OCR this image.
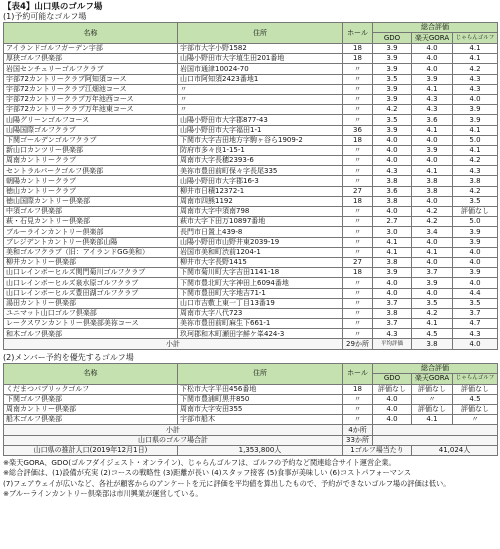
【表4】山口県のゴルフ場
(1)予約可能なゴルフ場
名称	住所	ホール	総合評価		
			GDO	楽天GORA	じゃらんゴルフ
アイランドゴルフガーデン宇部	宇部市大字小野1582	18	3.9	4.0	4.1
厚狭ゴルフ倶楽部	山陽小野田市大字埴生田201番地	18	3.9	4.0	4.1
岩国センチュリーゴルフクラブ	岩国市通津10024-70	〃	3.9	4.0	4.2
宇部72カントリークラブ阿知須コース	山口市阿知須2423番地1	〃	3.5	3.9	4.3
宇部72カントリークラブ江畑池コース	〃	〃	3.9	4.1	4.3
宇部72カントリークラブ万年池西コース	〃	〃	3.9	4.3	4.0
宇部72カントリークラブ万年池東コース	〃	〃	4.2	4.3	3.9
山陽グリーンゴルフコース	山陽小野田市大字郡877-43	〃	3.5	3.6	3.9
山陽国際ゴルフクラブ	山陽小野田市大字福田1-1	36	3.9	4.1	4.1
下関ゴールデンゴルフクラブ	下関市大字吉田地方字駒ヶ谷ら1909-2	18	4.0	4.0	5.0
新山口カンツリー倶楽部	防府市多々良1-15-1	〃	4.0	3.9	4.1
周南カントリークラブ	周南市大字長穂2393-6	〃	4.0	4.0	4.2
セントラルパークゴルフ倶楽部	美祢市豊田前町保々字長尾335	〃	4.3	4.1	4.3
朝陽カントリークラブ	山陽小野田市大字郡16-3	〃	3.8	3.8	3.8
徳山カントリークラブ	柳井市日積12372-1	27	3.6	3.8	4.2
徳山国際カントリー倶楽部	周南市四熊1192	18	3.8	4.0	3.5
中須ゴルフ倶楽部	周南市大字中須南798	〃	4.0	4.2	評価なし
萩・石見カントリー倶楽部	萩市大字下田万10897番地	〃	2.7	4.2	5.0
ブルーラインカントリー倶楽部	長門市日置上439-8	〃	3.0	3.4	3.9
ブレジデントカントリー倶楽部山陽	山陽小野田市山野井東2039-19	〃	4.1	4.0	3.9
美和ゴルフクラブ（旧：アイランドGG美和）	岩国市美和町渋前1204-1	〃	4.1	4.1	4.0
柳井カントリー倶楽部	柳井市大字長野1415	27	3.8	4.0	4.0
山口レインボーヒルズ関門菊川ゴルフクラブ	下関市菊川町大字吉田1141-18	18	3.9	3.7	3.9
山口レインボーヒルズ泉水原ゴルフクラブ	下関市豊北町大字神田上6094番地	〃	4.0	3.9	4.0
山口レインボーヒルズ豊田湖ゴルフクラブ	下関市豊田町大字地吉71-1	〃	4.0	4.0	4.4
湯田カントリー倶楽部	山口市吉敷上東一丁目13番19	〃	3.7	3.5	3.5
ユニマット山口ゴルフ倶楽部	周南市大字八代723	〃	3.8	4.2	3.7
レークスワンカントリー倶楽部美祢コース	美祢市豊田前町麻生下661-1	〃	3.7	4.1	4.7
和木ゴルフ倶楽部	玖珂郡和木町瀬田字鮮ケ峯424-3	〃	4.3	4.5	4.3
小計		29か所	平均評価	3.8	4.0
(2)メンバー予約を優先するゴルフ場
名称	住所	ホール	総合評価		
			GDO	楽天GORA	じゃらんゴルフ
くだまつパブリックゴルフ	下松市大字平田456番地	18	評価なし	評価なし	評価なし
下関ゴルフ倶楽部	下関市豊浦町黒井850	〃	4.0	〃	4.5
周南カントリー倶楽部	周南市大字安田355	〃	4.0	評価なし	評価なし
船木ゴルフ倶楽部	宇部市船木	〃	4.0	4.1	〃
小計		4か所			
山口県のゴルフ場合計		33か所			
山口県の推計人口(2019年12月1日)	1,353,800人	1ゴルフ場当たり		41,024人	
※楽天GORA、GDO(ゴルフダイジェスト・オンライン)、じゃらんゴルフは、ゴルフの予約など関連総合サイト運営企業。
※総合評価は、(1)設備が充実 (2)コースの戦略性 (3)距離が長い (4)スタッフ接客 (5)食事が美味しい (6)コストパフォーマンス
(7)フェアウェイが広いなど、各社が顧客からのアンケートを元に評価を平均値を算出したもので、予約ができないゴルフ場の評価は低い。
※ブルーラインカントリー倶楽部は市川興業が運営している。
